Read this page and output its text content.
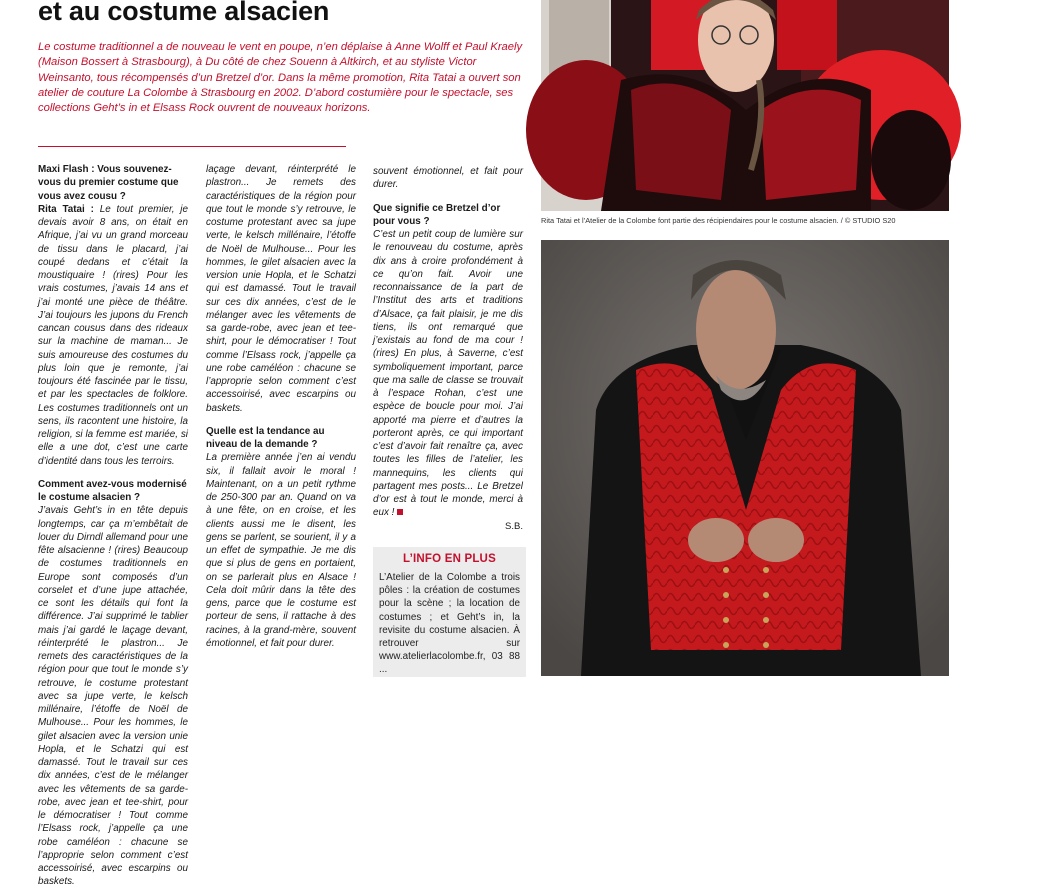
et au costume alsacien
Le costume traditionnel a de nouveau le vent en poupe, n’en déplaise à Anne Wolff et Paul Kraely (Maison Bossert à Strasbourg), à Du côté de chez Souenn à Altkirch, et au styliste Victor Weinsanto, tous récompensés d’un Bretzel d’or. Dans la même promotion, Rita Tatai a ouvert son atelier de couture La Colombe à Strasbourg en 2002. D’abord costumière pour le spectacle, ses collections Geht’s in et Elsass Rock ouvrent de nouveaux horizons.

Maxi Flash : Vous souvenez-vous du premier costume que vous avez cousu ?

Rita Tatai : Le tout premier, je devais avoir 8 ans, on était en Afrique, j’ai vu un grand morceau de tissu dans le placard, j’ai coupé dedans et c’était la moustiquaire ! (rires) Pour les vrais costumes, j’avais 14 ans et j’ai monté une pièce de théâtre. J’ai toujours les jupons du French cancan cousus dans des rideaux sur la machine de maman... Je suis amoureuse des costumes du plus loin que je remonte, j’ai toujours été fascinée par le tissu, et par les spectacles de folklore. Les costumes traditionnels ont un sens, ils racontent une histoire, la religion, si la femme est mariée, si elle a une dot, c’est une carte d’identité dans tous les terroirs.

Comment avez-vous modernisé le costume alsacien ?

J’avais Geht’s in en tête depuis longtemps, car ça m’embêtait de louer du Dirndl allemand pour une fête alsacienne ! (rires) Beaucoup de costumes traditionnels en Europe sont composés d’un corselet et d’une jupe attachée, ce sont les détails qui font la différence. J’ai supprimé le tablier mais j’ai gardé le laçage devant, réinterprété le plastron... Je remets des caractéristiques de la région pour que tout le monde s’y retrouve, le costume protestant avec sa jupe verte, le kelsch millénaire, l’étoffe de Noël de Mulhouse... Pour les hommes, le gilet alsacien avec la version unie Hopla, et le Schatzi qui est damassé. Tout le travail sur ces dix années, c’est de le mélanger avec les vêtements de sa garde-robe, avec jean et tee-shirt, pour le démocratiser ! Tout comme l’Elsass rock, j’appelle ça une robe caméléon : chacune se l’approprie selon comment c’est accessoirisé, avec escarpins ou baskets.

laçage devant, réinterprété le plastron... Je remets des caractéristiques de la région pour que tout le monde s’y retrouve, le costume protestant avec sa jupe verte, le kelsch millénaire, l’étoffe de Noël de Mulhouse... Pour les hommes, le gilet alsacien avec la version unie Hopla, et le Schatzi qui est damassé. Tout le travail sur ces dix années, c’est de le mélanger avec les vêtements de sa garde-robe, avec jean et tee-shirt, pour le démocratiser ! Tout comme l’Elsass rock, j’appelle ça une robe caméléon : chacune se l’approprie selon comment c’est accessoirisé, avec escarpins ou baskets.

Quelle est la tendance au niveau de la demande ?

La première année j’en ai vendu six, il fallait avoir le moral ! Maintenant, on a un petit rythme de 250-300 par an. Quand on va à une fête, on en croise, et les clients aussi me le disent, les gens se parlent, se sourient, il y a un effet de sympathie. Je me dis que si plus de gens en portaient, on se parlerait plus en Alsace ! Cela doit mûrir dans la tête des gens, parce que le costume est porteur de sens, il rattache à des racines, à la grand-mère, souvent émotionnel, et fait pour durer.

souvent émotionnel, et fait pour durer.

Que signifie ce Bretzel d’or pour vous ?

C’est un petit coup de lumière sur le renouveau du costume, après dix ans à croire profondément à ce qu’on fait. Avoir une reconnaissance de la part de l’Institut des arts et traditions d’Alsace, ça fait plaisir, je me dis tiens, ils ont remarqué que j’existais au fond de ma cour ! (rires) En plus, à Saverne, c’est symboliquement important, parce que ma salle de classe se trouvait à l’espace Rohan, c’est une espèce de boucle pour moi. J’ai apporté ma pierre et d’autres la porteront après, ce qui important c’est d’avoir fait renaître ça, avec toutes les filles de l’atelier, les mannequins, les clients qui partagent mes posts... Le Bretzel d’or est à tout le monde, merci à eux !

S.B.

L’INFO EN PLUS
L’Atelier de la Colombe a trois pôles : la création de costumes pour la scène ; la location de costumes ; et Geht’s in, la revisite du costume alsacien. À retrouver sur www.atelierlacolombe.fr, 03 88 ...
Rita Tatai et l’Atelier de la Colombe font partie des récipiendaires pour le costume alsacien. / © STUDIO S20
